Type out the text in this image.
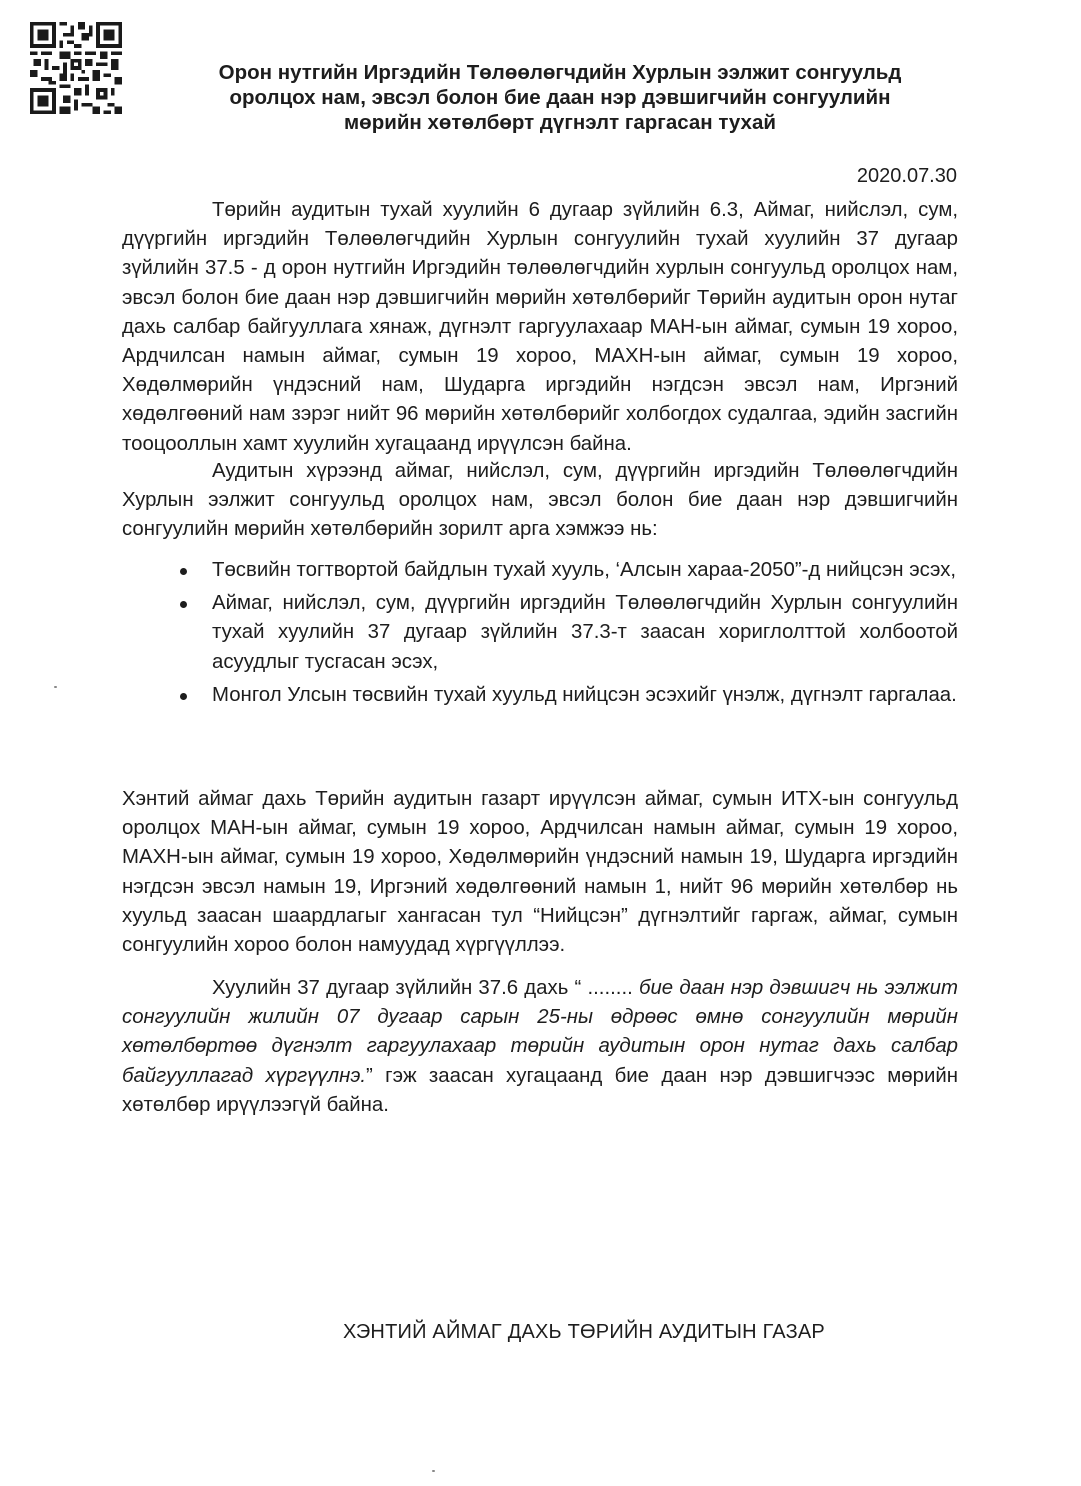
Орон нутгийн Иргэдийн Төлөөлөгчдийн Хурлын ээлжит сонгуульд оролцох нам, эвсэл болон бие даан нэр дэвшигчийн сонгуулийн мөрийн хөтөлбөрт дүгнэлт гаргасан тухай
2020.07.30
Төрийн аудитын тухай хуулийн 6 дугаар зүйлийн 6.3, Аймаг, нийслэл, сум, дүүргийн иргэдийн Төлөөлөгчдийн Хурлын сонгуулийн тухай хуулийн 37 дугаар зүйлийн 37.5 - д орон нутгийн Иргэдийн төлөөлөгчдийн хурлын сонгуульд оролцох нам, эвсэл болон бие даан нэр дэвшигчийн мөрийн хөтөлбөрийг Төрийн аудитын орон нутаг дахь салбар байгууллага хянаж, дүгнэлт гаргуулахаар МАН-ын аймаг, сумын 19 хороо, Ардчилсан намын аймаг, сумын 19 хороо, МАХН-ын аймаг, сумын 19 хороо, Хөдөлмөрийн үндэсний нам, Шударга иргэдийн нэгдсэн эвсэл нам, Иргэний хөдөлгөөний нам зэрэг нийт 96 мөрийн хөтөлбөрийг холбогдох судалгаа, эдийн засгийн тооцооллын хамт хуулийн хугацаанд ирүүлсэн байна.
Аудитын хүрээнд аймаг, нийслэл, сум, дүүргийн иргэдийн Төлөөлөгчдийн Хурлын ээлжит сонгуульд оролцох нам, эвсэл болон бие даан нэр дэвшигчийн сонгуулийн мөрийн хөтөлбөрийн зорилт арга хэмжээ нь:
Төсвийн тогтвортой байдлын тухай хууль, ‘Алсын хараа-2050”-д нийцсэн эсэх,
Аймаг, нийслэл, сум, дүүргийн иргэдийн Төлөөлөгчдийн Хурлын сонгуулийн тухай хуулийн 37 дугаар зүйлийн 37.3-т заасан хориглолттой холбоотой асуудлыг тусгасан эсэх,
Монгол Улсын төсвийн тухай хуульд нийцсэн эсэхийг үнэлж, дүгнэлт гаргалаа.
Хэнтий аймаг дахь Төрийн аудитын газарт ирүүлсэн аймаг, сумын ИТХ-ын сонгуульд оролцох МАН-ын аймаг, сумын 19 хороо, Ардчилсан намын аймаг, сумын 19 хороо, МАХН-ын аймаг, сумын 19 хороо, Хөдөлмөрийн үндэсний намын 19, Шударга иргэдийн нэгдсэн эвсэл намын 19, Иргэний хөдөлгөөний намын 1, нийт 96 мөрийн хөтөлбөр нь хуульд заасан шаардлагыг хангасан тул “Нийцсэн” дүгнэлтийг гаргаж, аймаг, сумын сонгуулийн хороо болон намуудад хүргүүллээ.
Хуулийн 37 дугаар зүйлийн 37.6 дахь “ ........ бие даан нэр дэвшигч нь ээлжит сонгуулийн жилийн 07 дугаар сарын 25-ны өдрөөс өмнө сонгуулийн мөрийн хөтөлбөртөө дүгнэлт гаргуулахаар төрийн аудитын орон нутаг дахь салбар байгууллагад хүргүүлнэ.” гэж заасан хугацаанд бие даан нэр дэвшигчээс мөрийн хөтөлбөр ирүүлээгүй байна.
ХЭНТИЙ АЙМАГ ДАХЬ ТӨРИЙН АУДИТЫН ГАЗАР
